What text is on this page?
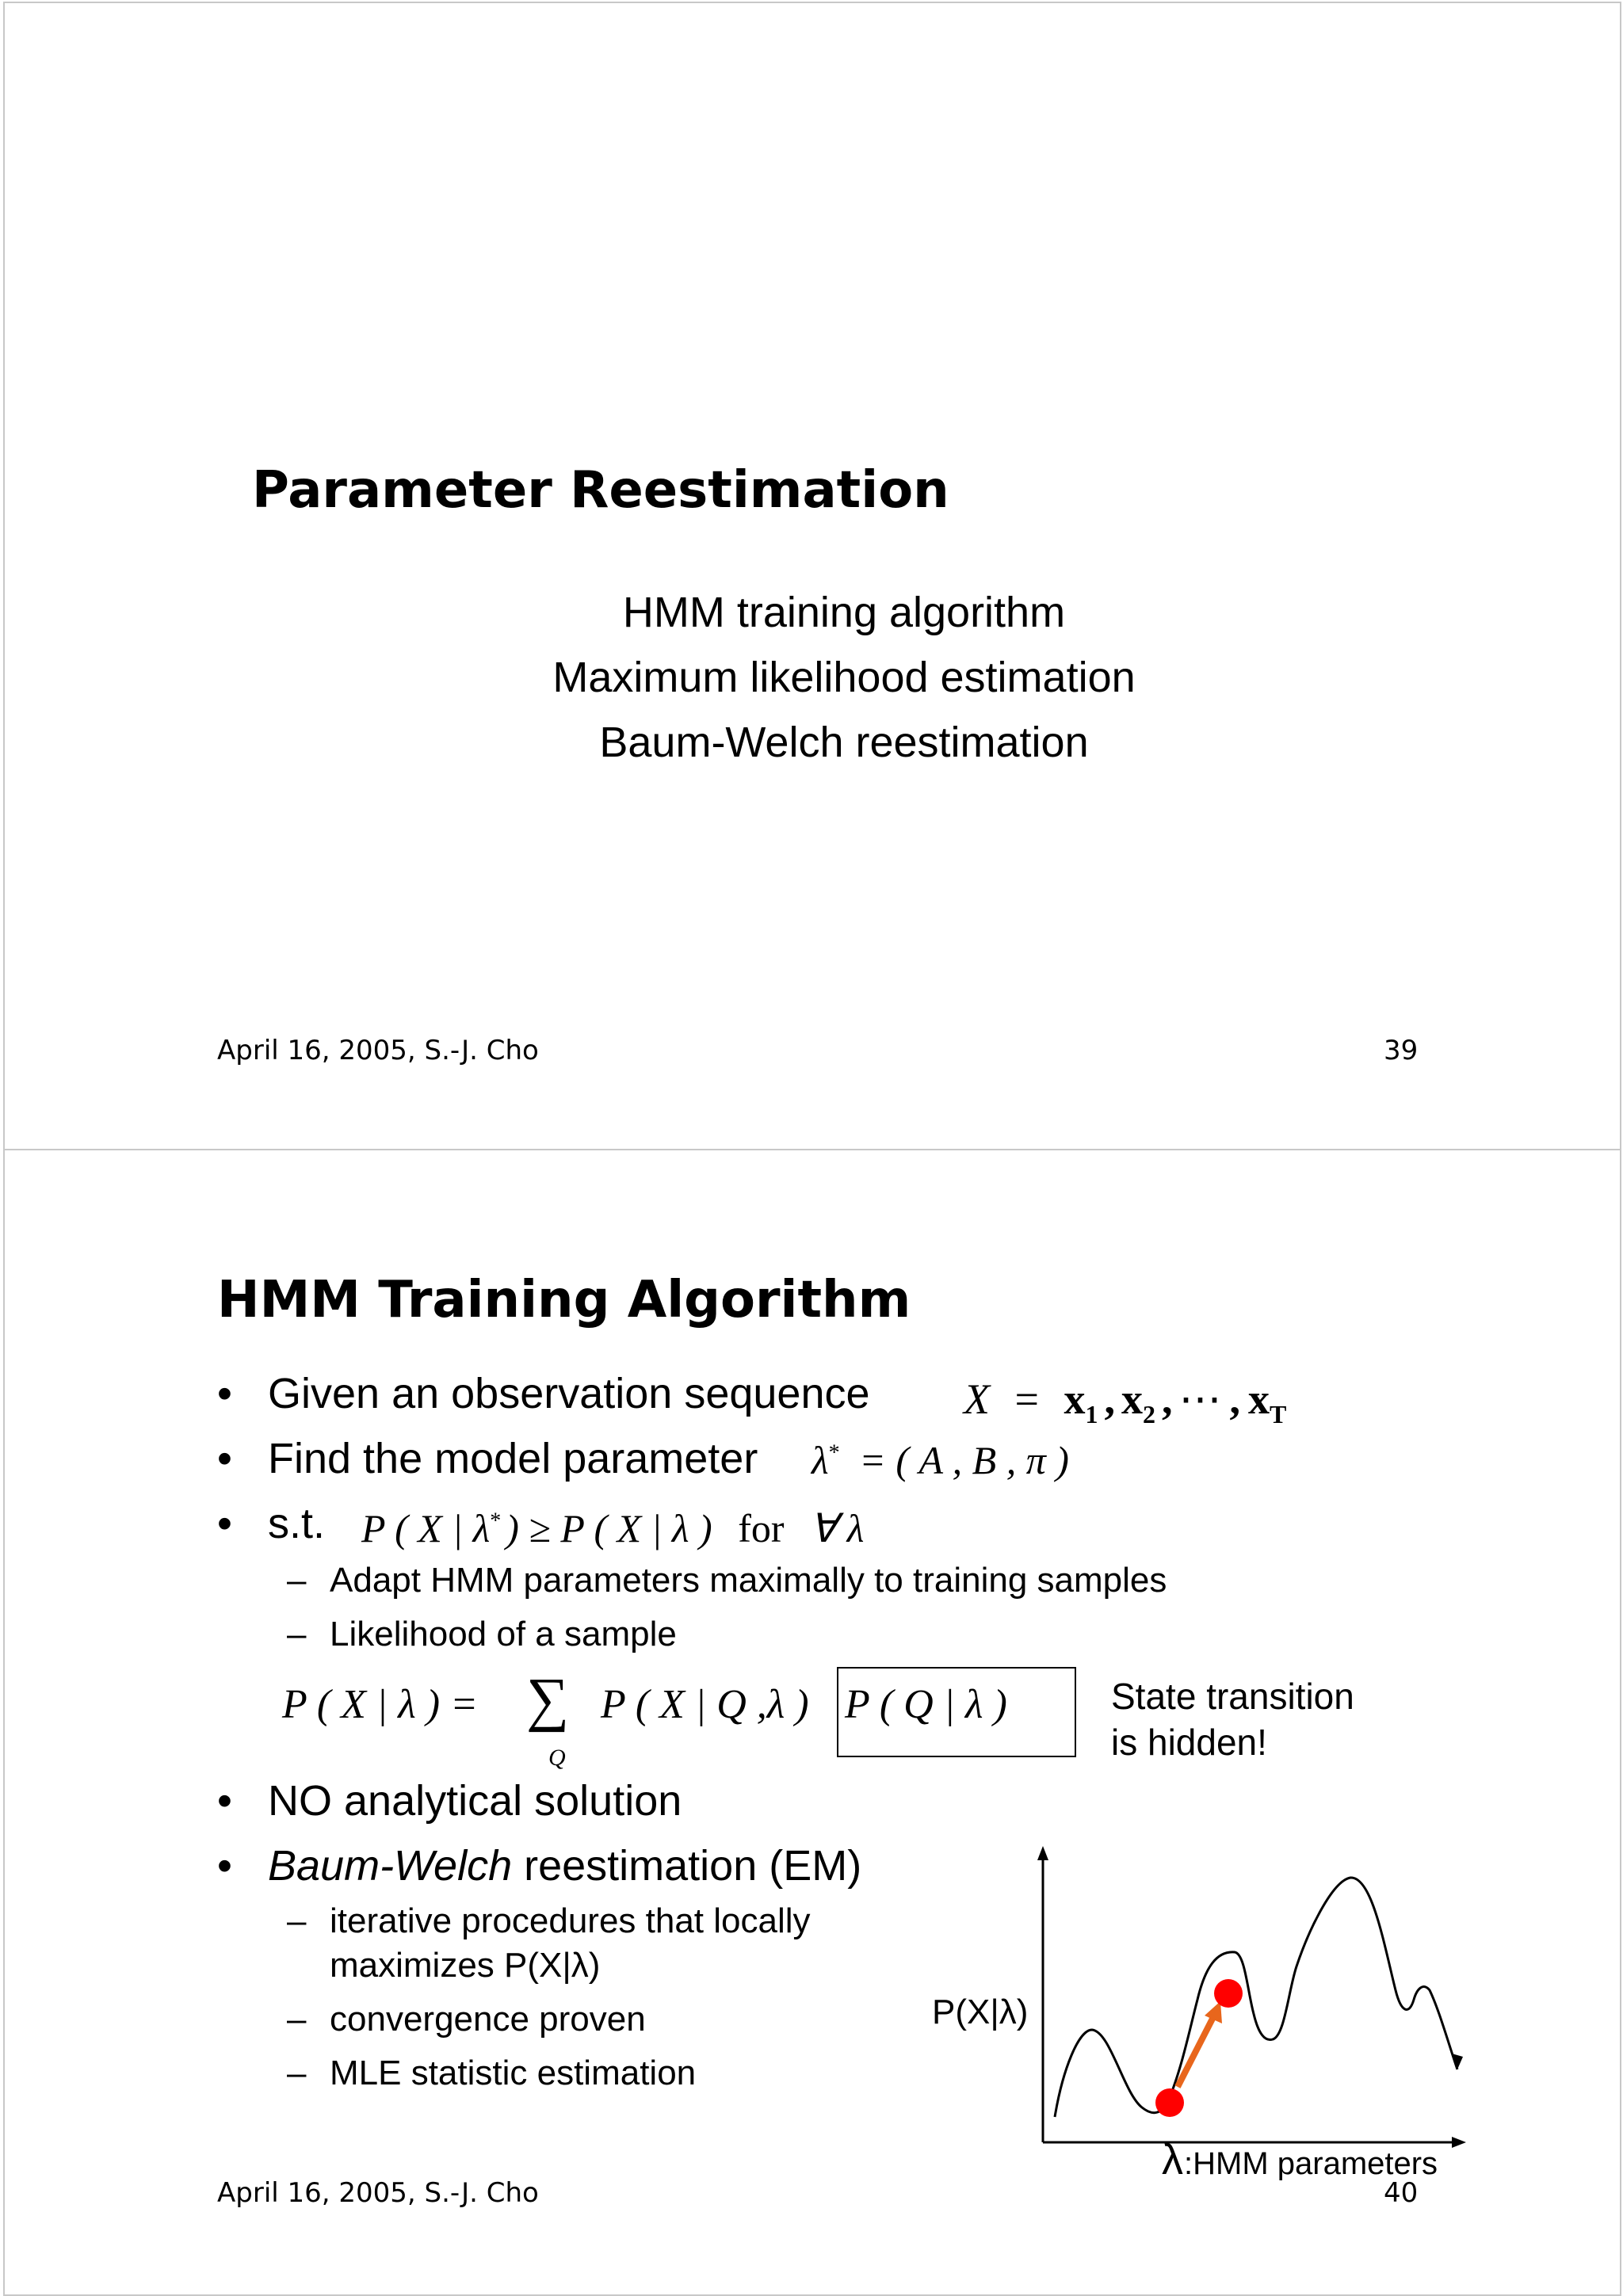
Parameter Reestimation
HMM training algorithm
Maximum likelihood estimation
Baum-Welch reestimation
April 16, 2005, S.-J. Cho	39
HMM Training Algorithm
• Given an observation sequence $X = x_1$ , $x_2$ , ⋯ , $x_T$
• Find the model parameter λ* = ( A , B , π )
• s.t. P ( X | λ* ) ≥ P ( X | λ ) for ∀ λ
– Adapt HMM parameters maximally to training samples
– Likelihood of a sample
P ( X | λ ) = ∑
Q
P ( X | Q ,λ ) P ( Q | λ )	State transition
is hidden!
• NO analytical solution
• Baum-Welch reestimation (EM)
– iterative procedures that locally
maximizes P(X|λ)
– convergence proven
– MLE statistic estimation
P(X|λ)
λ :HMM parameters
April 16, 2005, S.-J. Cho	40
